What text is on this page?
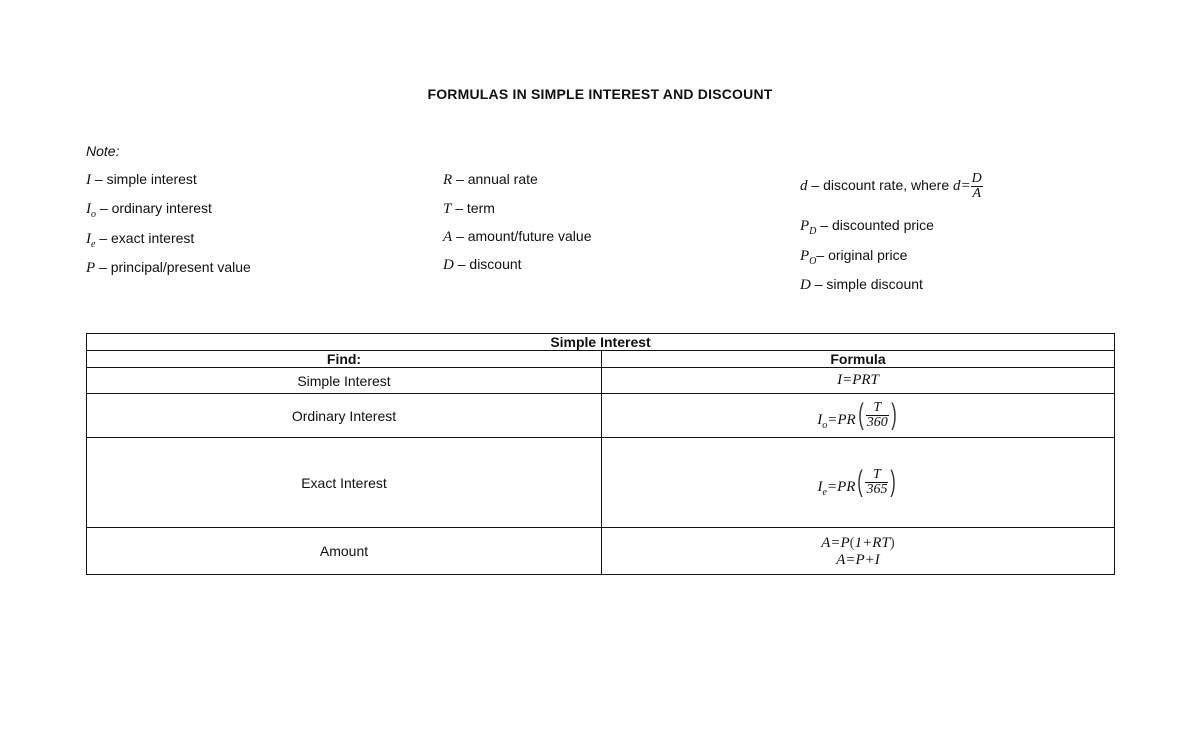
FORMULAS IN SIMPLE INTEREST AND DISCOUNT
Note:
I – simple interest
$I_o$ – ordinary interest
$I_e$ – exact interest
P – principal/present value
R – annual rate
T – term
A – amount/future value
D – discount
d – discount rate, where $d= \frac{D}{A}$
$P_D$ – discounted price
$P_O-$ original price
D – simple discount
Simple Interest	
Find:	Formula
Simple Interest	I=PRT
Ordinary Interest	$I_o=PR$ ( $\frac{T}{360}$ )

Exact Interest	$I_e=PR$ ( $\frac{T}{365}$ )

Amount	A=P(1+RT)
A=P+I
